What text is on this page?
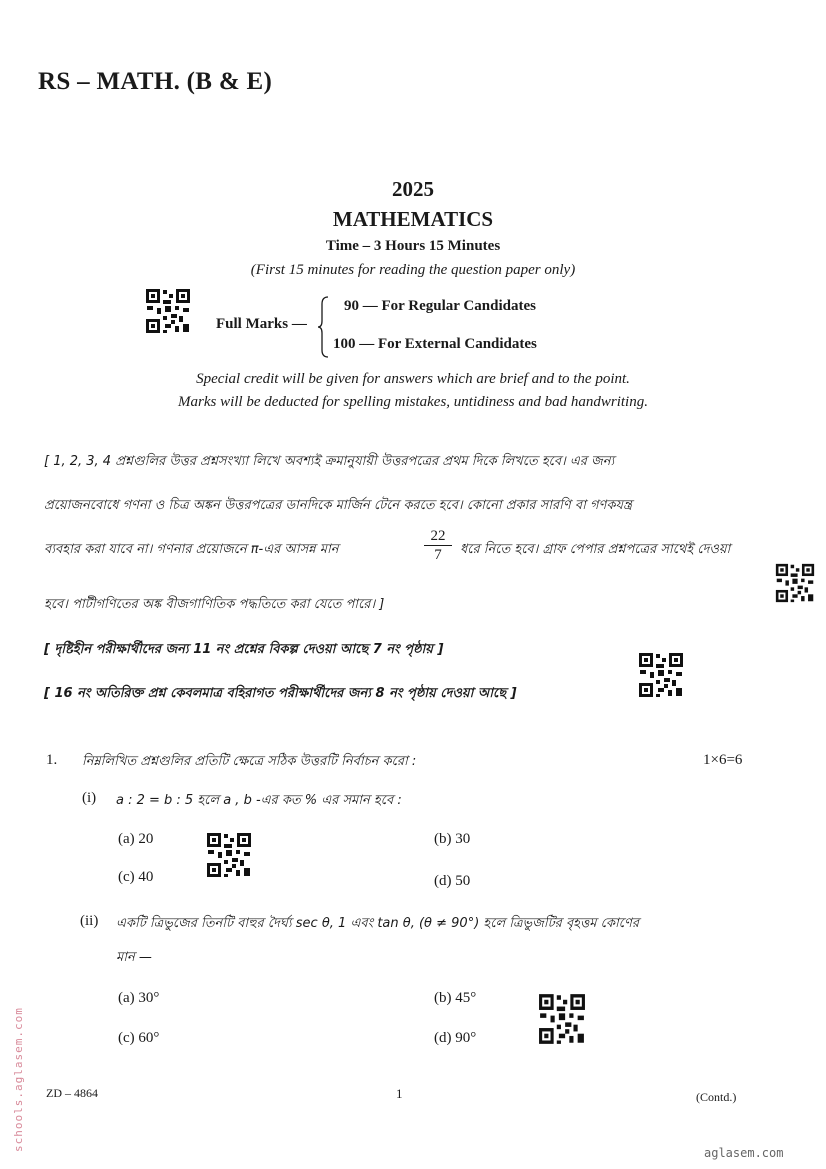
RS – MATH. (B & E)
2025
MATHEMATICS
Time – 3 Hours 15 Minutes
(First 15 minutes for reading the question paper only)
Full Marks —
90 — For Regular Candidates
100 — For External Candidates
Special credit will be given for answers which are brief and to the point.
Marks will be deducted for spelling mistakes, untidiness and bad handwriting.
[ 1, 2, 3, 4 প্রশ্নগুলির উত্তর প্রশ্নসংখ্যা লিখে অবশ্যই ক্রমানুযায়ী উত্তরপত্রের প্রথম দিকে লিখতে হবে। এর জন্য
প্রয়োজনবোধে গণনা ও চিত্র অঙ্কন উত্তরপত্রের ডানদিকে মার্জিন টেনে করতে হবে। কোনো প্রকার সারণি বা গণকযন্ত্র
ব্যবহার করা যাবে না। গণনার প্রয়োজনে π-এর আসন্ন মান	$\frac{22}{7}$ ধরে নিতে হবে। গ্রাফ পেপার প্রশ্নপত্রের সাথেই দেওয়া
হবে। পাটীগণিতের অঙ্ক বীজগাণিতিক পদ্ধতিতে করা যেতে পারে। ]
[ দৃষ্টিহীন পরীক্ষার্থীদের জন্য 11 নং প্রশ্নের বিকল্প দেওয়া আছে 7 নং পৃষ্ঠায় ]
[ 16 নং অতিরিক্ত প্রশ্ন কেবলমাত্র বহিরাগত পরীক্ষার্থীদের জন্য 8 নং পৃষ্ঠায় দেওয়া আছে ]
1. নিম্নলিখিত প্রশ্নগুলির প্রতিটি ক্ষেত্রে সঠিক উত্তরটি নির্বাচন করো :	1×6=6
(i) a : 2 = b : 5 হলে a , b -এর কত % এর সমান হবে :
(a) 20	(b) 30
(c) 40	(d) 50
(ii) একটি ত্রিভুজের তিনটি বাহুর দৈর্ঘ্য sec θ, 1 এবং tan θ, (θ ≠ 90°) হলে ত্রিভুজটির বৃহত্তম কোণের
মান —
(a) 30°	(b) 45°
(c) 60°	(d) 90°
ZD – 4864	1	(Contd.)
schools.aglasem.com
aglasem.com
